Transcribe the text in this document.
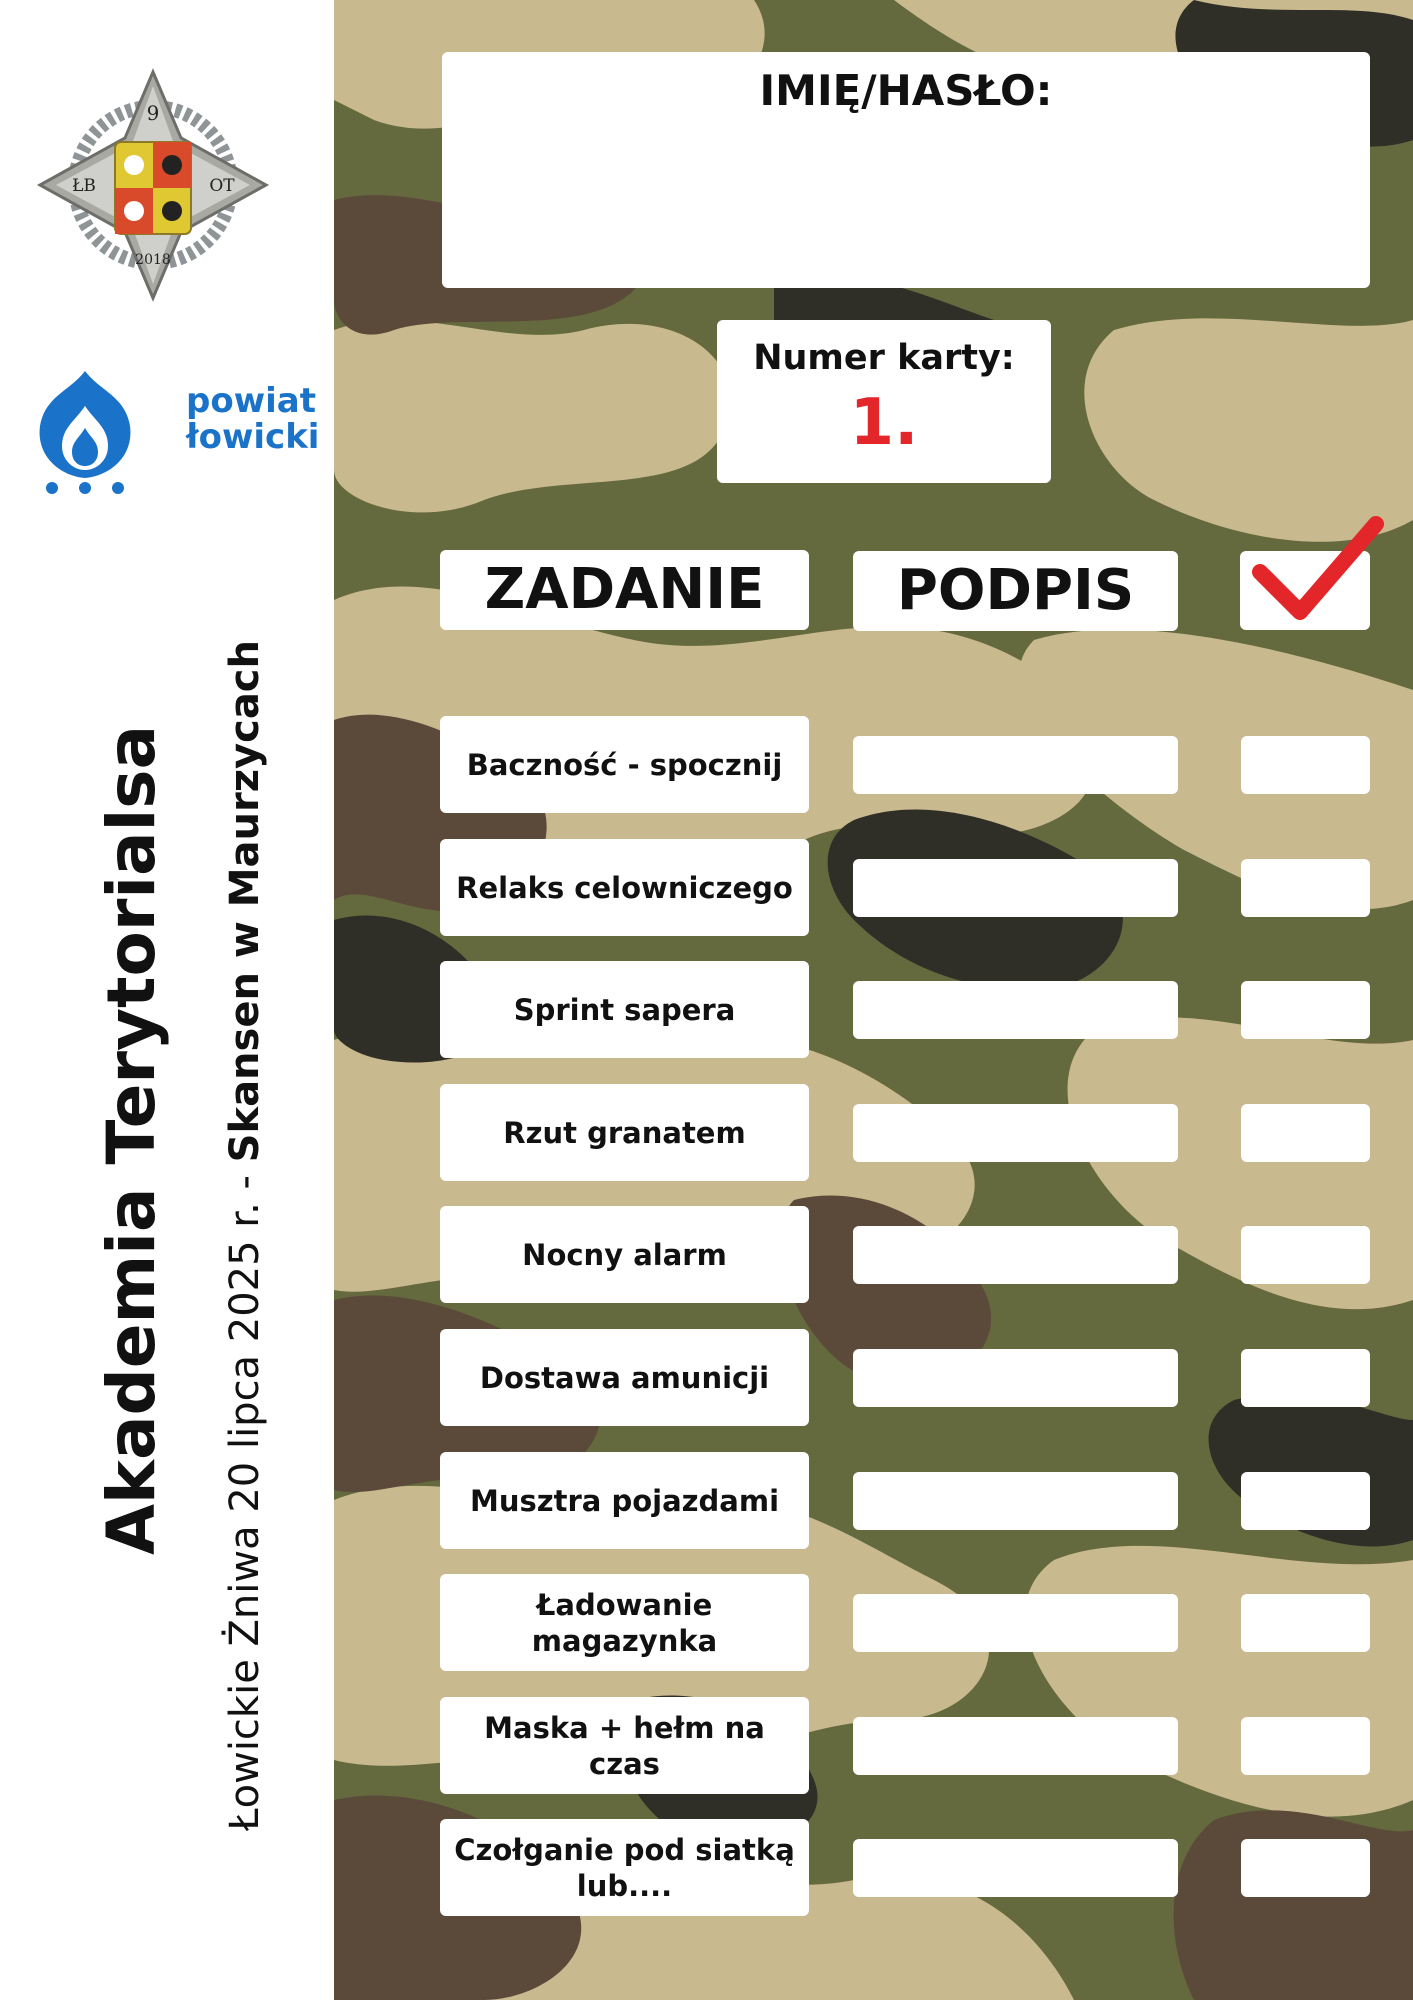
9
ŁB	OT
2018
powiat
łowicki
Akademia Terytorialsa Łowickie Żniwa 20 lipca 2025 r. - Skansen w Maurzycach
IMIĘ/HASŁO:
Numer karty:
1.
ZADANIE	PODPIS
Baczność - spocznij
Relaks celowniczego
Sprint sapera
Rzut granatem
Nocny alarm
Dostawa amunicji
Musztra pojazdami
Ładowanie magazynka
Maska + hełm na czas
Czołganie pod siatką lub....
